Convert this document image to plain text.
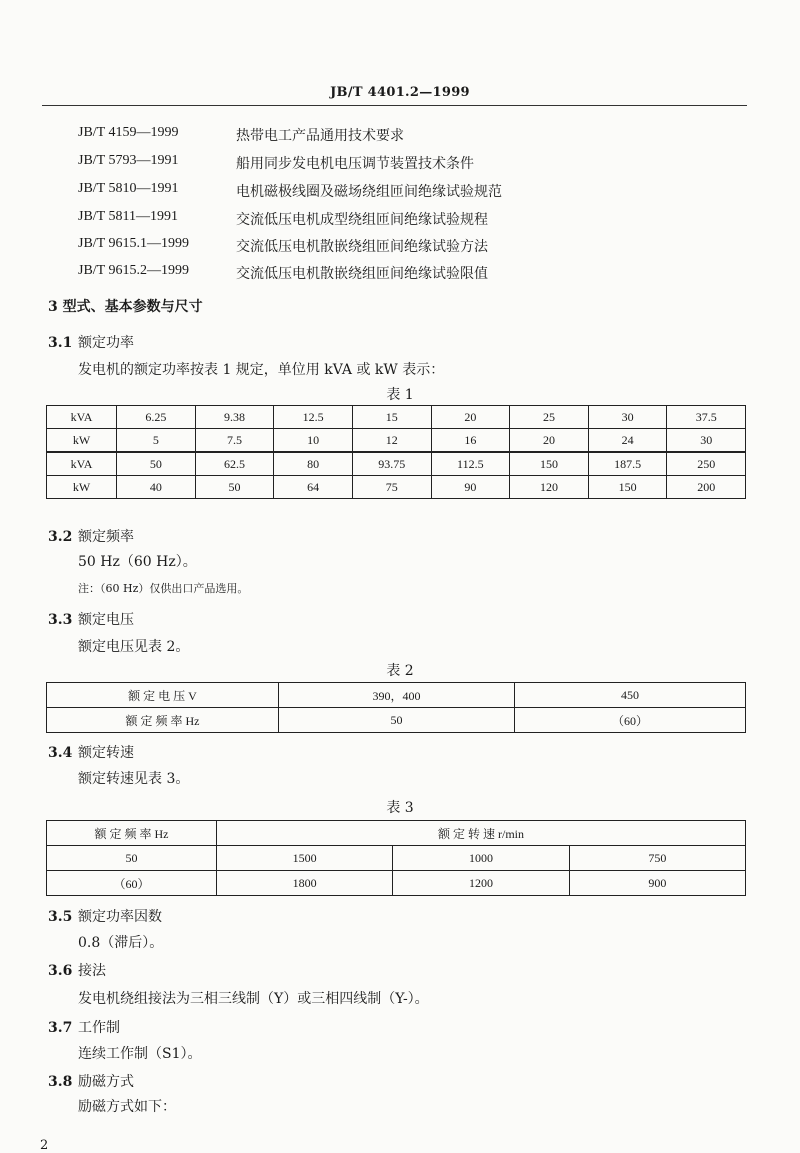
JB/T 4401.2—1999
JB/T 4159—1999	热带电工产品通用技术要求
JB/T 5793—1991	船用同步发电机电压调节装置技术条件
JB/T 5810—1991	电机磁极线圈及磁场绕组匝间绝缘试验规范
JB/T 5811—1991	交流低压电机成型绕组匝间绝缘试验规程
JB/T 9615.1—1999	交流低压电机散嵌绕组匝间绝缘试验方法
JB/T 9615.2—1999	交流低压电机散嵌绕组匝间绝缘试验限值
3 型式、基本参数与尺寸
3.1 额定功率
发电机的额定功率按表 1 规定，单位用 kVA 或 kW 表示：
表 1
kVA	6.25	9.38	12.5	15	20	25	30	37.5
kW	5	7.5	10	12	16	20	24	30
kVA	50	62.5	80	93.75	112.5	150	187.5	250
kW	40	50	64	75	90	120	150	200
3.2 额定频率
50 Hz（60 Hz）。
注：（60 Hz）仅供出口产品选用。
3.3 额定电压
额定电压见表 2。
表 2
额 定 电 压 V	390，400	450
额 定 频 率 Hz	50	（60）
3.4 额定转速
额定转速见表 3。
表 3
额 定 频 率 Hz	额 定 转 速 r/min		
50	1500	1000	750
（60）	1800	1200	900
3.5 额定功率因数
0.8（滞后）。
3.6 接法
发电机绕组接法为三相三线制（Y）或三相四线制（Y-）。
3.7 工作制
连续工作制（S1）。
3.8 励磁方式
励磁方式如下：
2
